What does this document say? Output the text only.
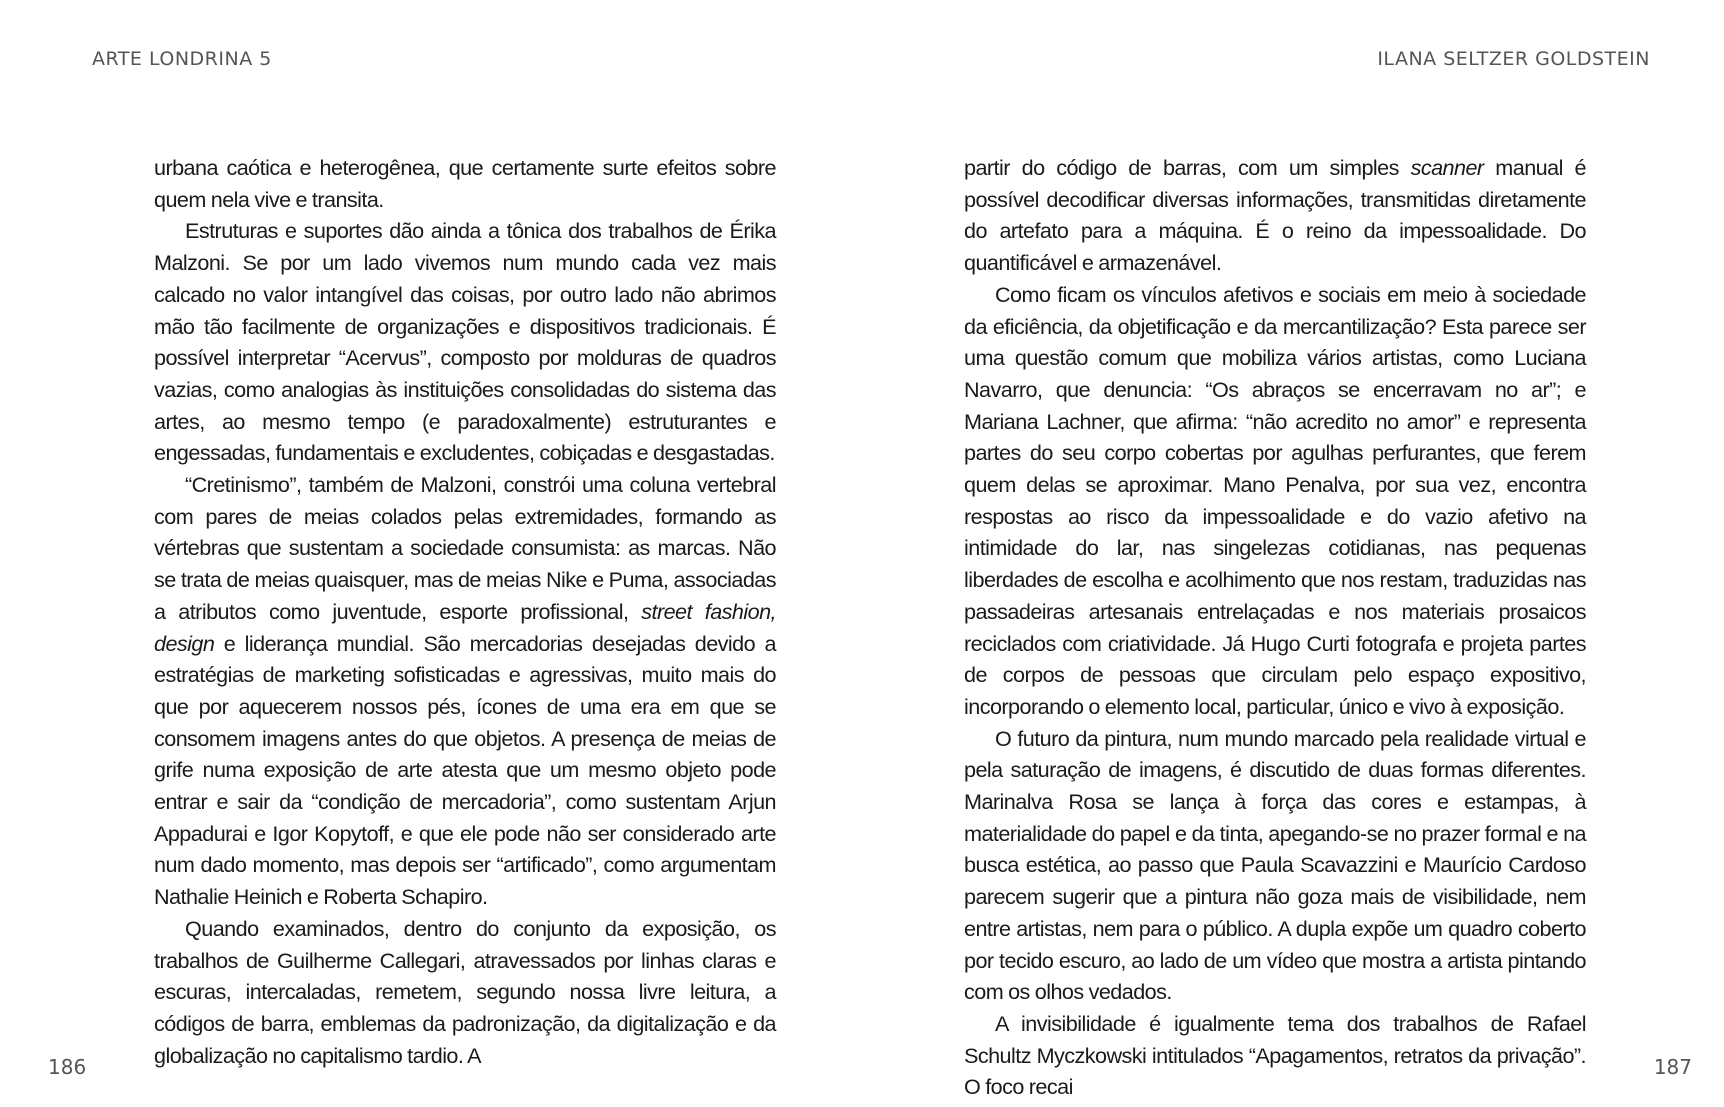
ARTE LONDRINA 5	ILANA SELTZER GOLDSTEIN

urbana caótica e heterogênea, que certamente surte efeitos sobre quem nela vive e transita.

Estruturas e suportes dão ainda a tônica dos trabalhos de Érika Malzoni. Se por um lado vivemos num mundo cada vez mais calcado no valor intangível das coisas, por outro lado não abrimos mão tão facilmente de organizações e dispositivos tradicionais. É possível interpretar “Acervus”, composto por molduras de quadros vazias, como analogias às instituições consolidadas do sistema das artes, ao mesmo tempo (e paradoxalmente) estruturantes e engessadas, fundamentais e excludentes, cobiçadas e desgastadas.

“Cretinismo”, também de Malzoni, constrói uma coluna vertebral com pares de meias colados pelas extremidades, formando as vértebras que sustentam a sociedade consumista: as marcas. Não se trata de meias quaisquer, mas de meias Nike e Puma, associadas a atributos como juventude, esporte profissional, street fashion, design e liderança mundial. São mercadorias desejadas devido a estratégias de marketing sofisticadas e agressivas, muito mais do que por aquecerem nossos pés, ícones de uma era em que se consomem imagens antes do que objetos. A presença de meias de grife numa exposição de arte atesta que um mesmo objeto pode entrar e sair da “condição de mercadoria”, como sustentam Arjun Appadurai e Igor Kopytoff, e que ele pode não ser considerado arte num dado momento, mas depois ser “artificado”, como argumentam Nathalie Heinich e Roberta Schapiro.

Quando examinados, dentro do conjunto da exposição, os trabalhos de Guilherme Callegari, atravessados por linhas claras e escuras, intercaladas, remetem, segundo nossa livre leitura, a códigos de barra, emblemas da padronização, da digitalização e da globalização no capitalismo tardio. A

partir do código de barras, com um simples scanner manual é possível decodificar diversas informações, transmitidas diretamente do artefato para a máquina. É o reino da impessoalidade. Do quantificável e armazenável.

Como ficam os vínculos afetivos e sociais em meio à sociedade da eficiência, da objetificação e da mercantilização? Esta parece ser uma questão comum que mobiliza vários artistas, como Luciana Navarro, que denuncia: “Os abraços se encerravam no ar”; e Mariana Lachner, que afirma: “não acredito no amor” e representa partes do seu corpo cobertas por agulhas perfurantes, que ferem quem delas se aproximar. Mano Penalva, por sua vez, encontra respostas ao risco da impessoalidade e do vazio afetivo na intimidade do lar, nas singelezas cotidianas, nas pequenas liberdades de escolha e acolhimento que nos restam, traduzidas nas passadeiras artesanais entrelaçadas e nos materiais prosaicos reciclados com criatividade. Já Hugo Curti fotografa e projeta partes de corpos de pessoas que circulam pelo espaço expositivo, incorporando o elemento local, particular, único e vivo à exposição.

O futuro da pintura, num mundo marcado pela realidade virtual e pela saturação de imagens, é discutido de duas formas diferentes. Marinalva Rosa se lança à força das cores e estampas, à materialidade do papel e da tinta, apegando-se no prazer formal e na busca estética, ao passo que Paula Scavazzini e Maurício Cardoso parecem sugerir que a pintura não goza mais de visibilidade, nem entre artistas, nem para o público. A dupla expõe um quadro coberto por tecido escuro, ao lado de um vídeo que mostra a artista pintando com os olhos vedados.

A invisibilidade é igualmente tema dos trabalhos de Rafael Schultz Myczkowski intitulados “Apagamentos, retratos da privação”. O foco recai

186	187
